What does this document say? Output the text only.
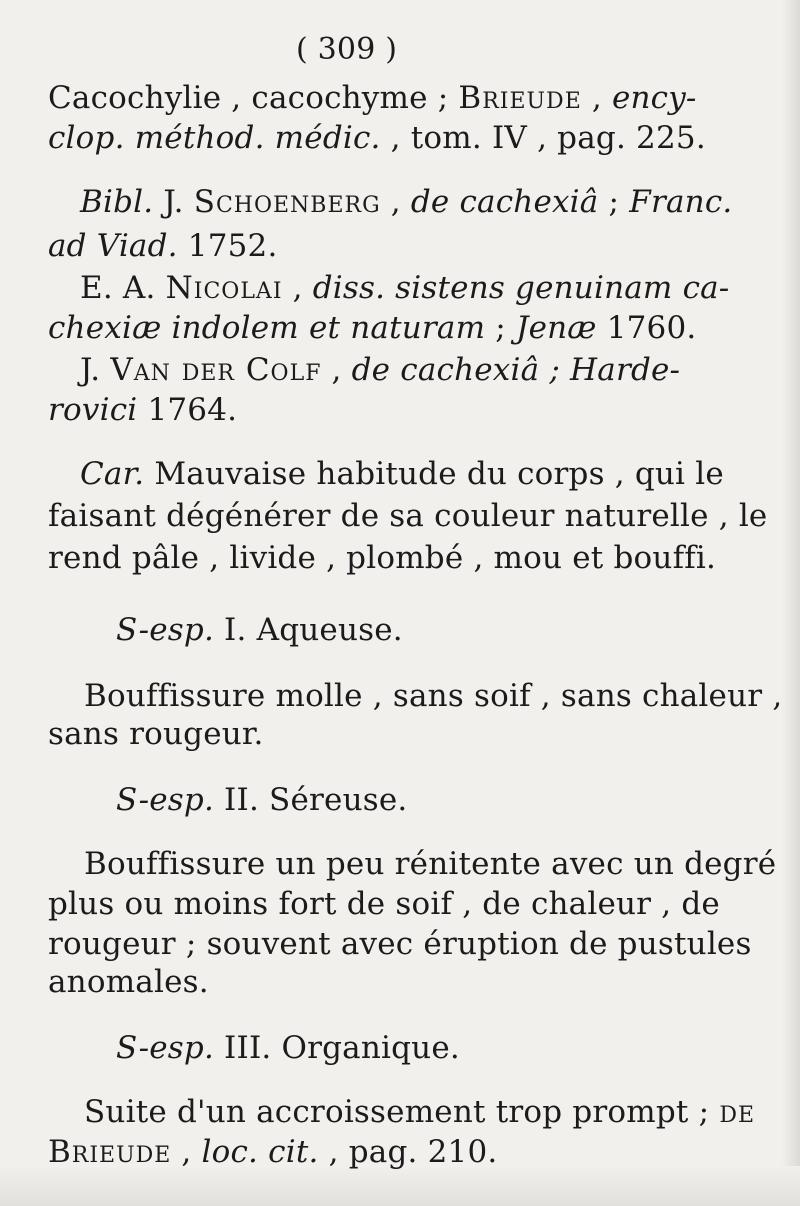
( 309 )
Cacochylie , cacochyme ; Brieude , ency-
clop. méthod. médic. , tom. IV , pag. 225.
Bibl. J. Schoenberg , de cachexiâ ; Franc.
ad Viad. 1752.
E. A. Nicolai , diss. sistens genuinam ca-
chexiæ indolem et naturam ; Jenæ 1760.
J. Van der Colf , de cachexiâ ; Harde-
rovici 1764.
Car. Mauvaise habitude du corps , qui le
faisant dégénérer de sa couleur naturelle , le
rend pâle , livide , plombé , mou et bouffi.
S-esp. I. Aqueuse.
Bouffissure molle , sans soif , sans chaleur ,
sans rougeur.
S-esp. II. Séreuse.
Bouffissure un peu rénitente avec un degré
plus ou moins fort de soif , de chaleur , de
rougeur ; souvent avec éruption de pustules
anomales.
S-esp. III. Organique.
Suite d'un accroissement trop prompt ; de
Brieude , loc. cit. , pag. 210.
